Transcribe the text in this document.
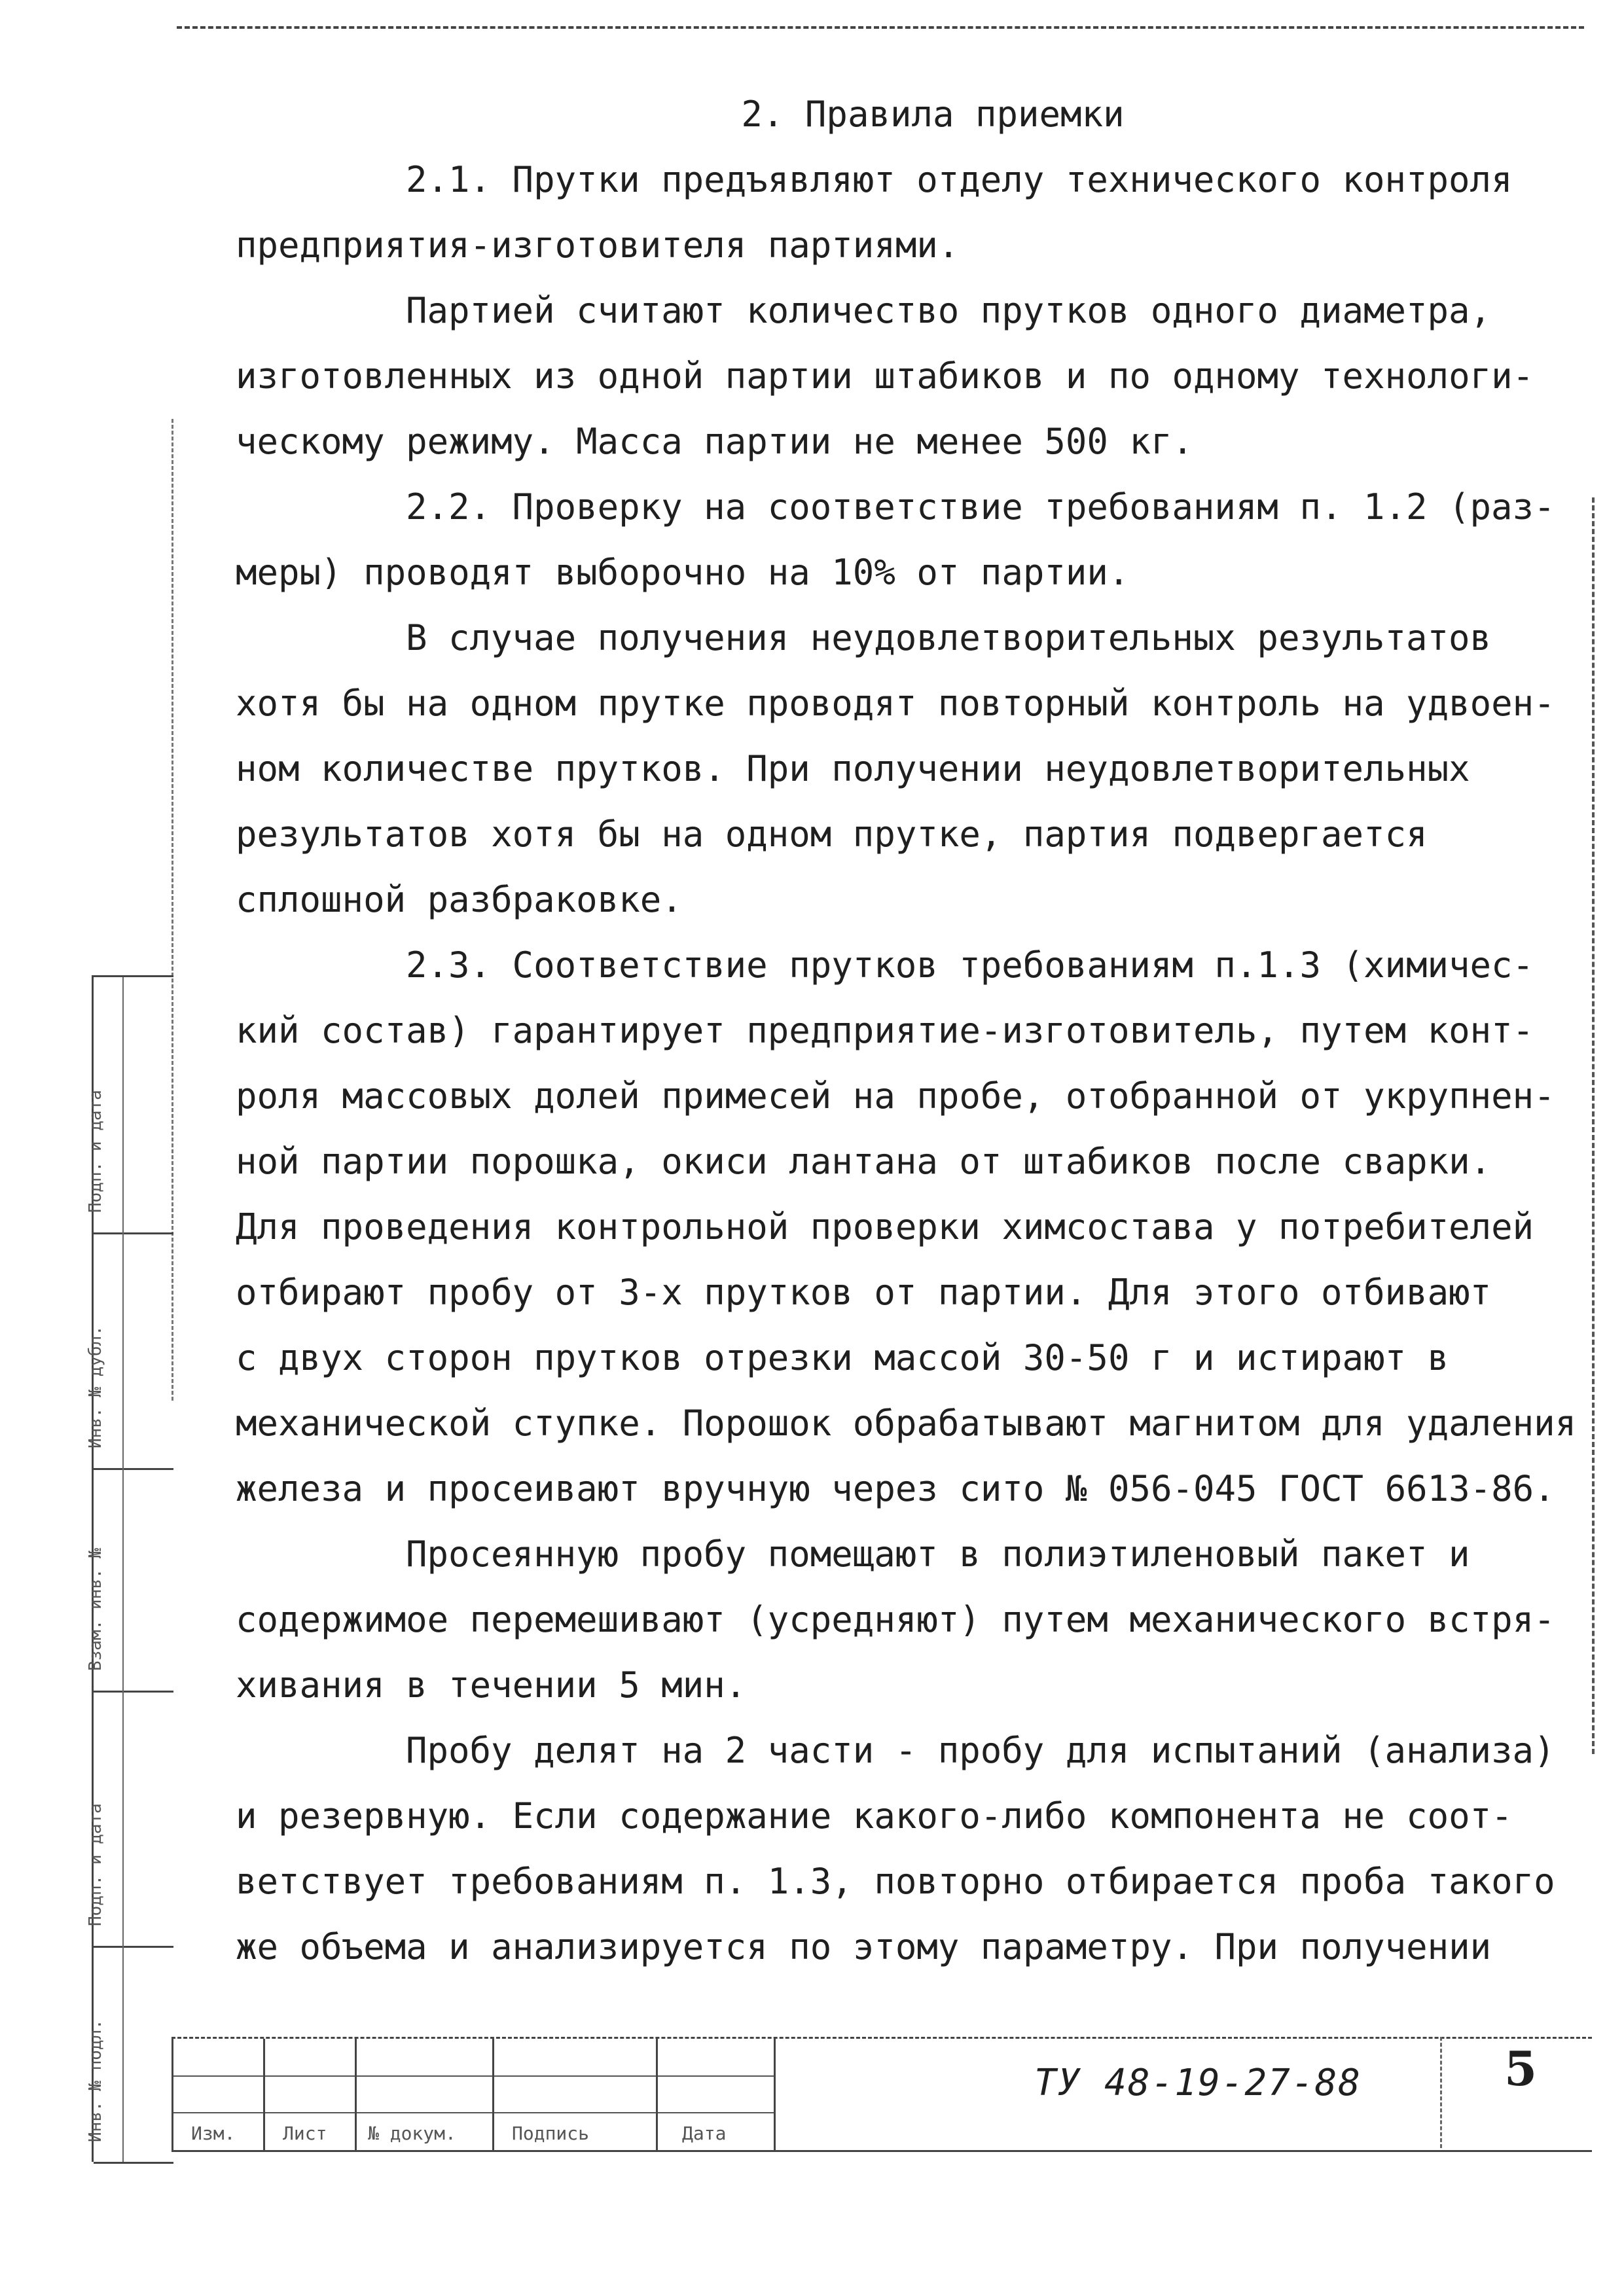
2. Правила приемки

2.1. Прутки предъявляют отделу технического контроля

предприятия-изготовителя партиями.

Партией считают количество прутков одного диаметра,

изготовленных из одной партии штабиков и по одному технологи-

ческому режиму. Масса партии не менее 500 кг.

2.2. Проверку на соответствие требованиям п. 1.2 (раз-

меры) проводят выборочно на 10% от партии.

В случае получения неудовлетворительных результатов

хотя бы на одном прутке проводят повторный контроль на удвоен-

ном количестве прутков. При получении неудовлетворительных

результатов хотя бы на одном прутке, партия подвергается

сплошной разбраковке.

2.3. Соответствие прутков требованиям п.1.3 (химичес-

кий состав) гарантирует предприятие-изготовитель, путем конт-

роля массовых долей примесей на пробе, отобранной от укрупнен-

ной партии порошка, окиси лантана от штабиков после сварки.

Для проведения контрольной проверки химсостава у потребителей

отбирают пробу от 3-х прутков от партии. Для этого отбивают

с двух сторон прутков отрезки массой 30-50 г и истирают в

механической ступке. Порошок обрабатывают магнитом для удаления

железа и просеивают вручную через сито № 056-045 ГОСТ 6613-86.

Просеянную пробу помещают в полиэтиленовый пакет и

содержимое перемешивают (усредняют) путем механического встря-

хивания в течении 5 мин.

Пробу делят на 2 части - пробу для испытаний (анализа)

и резервную. Если содержание какого-либо компонента не соот-

ветствует требованиям п. 1.3, повторно отбирается проба такого

же объема и анализируется по этому параметру. При получении

Подп. и дата
Инв. № дубл.
Взам. инв. №
Подп. и дата
Инв. № подл.	Изм.	Лист № докум.	Подпись	Дата
ТУ 48-19-27-88	5
